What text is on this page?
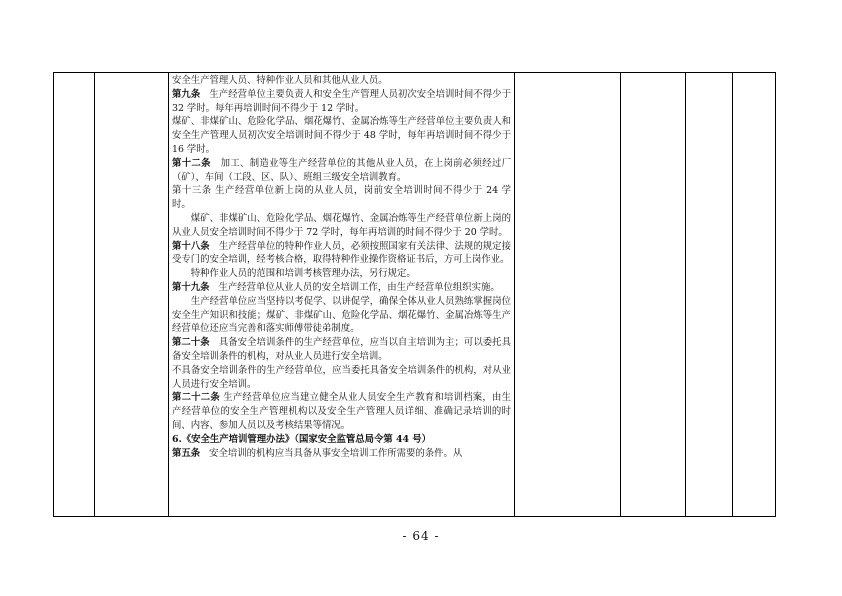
安全生产管理人员、特种作业人员和其他从业人员。

第九条 生产经营单位主要负责人和安全生产管理人员初次安全培训时间不得少于 32 学时。每年再培训时间不得少于 12 学时。

煤矿、非煤矿山、危险化学品、烟花爆竹、金属冶炼等生产经营单位主要负责人和安全生产管理人员初次安全培训时间不得少于 48 学时，每年再培训时间不得少于 16 学时。

第十二条 加工、制造业等生产经营单位的其他从业人员，在上岗前必须经过厂（矿）、车间（工段、区、队）、班组三级安全培训教育。

第十三条 生产经营单位新上岗的从业人员，岗前安全培训时间不得少于 24 学时。

煤矿、非煤矿山、危险化学品、烟花爆竹、金属冶炼等生产经营单位新上岗的从业人员安全培训时间不得少于 72 学时，每年再培训的时间不得少于 20 学时。

第十八条 生产经营单位的特种作业人员，必须按照国家有关法律、法规的规定接受专门的安全培训，经考核合格，取得特种作业操作资格证书后，方可上岗作业。

特种作业人员的范围和培训考核管理办法，另行规定。

第十九条 生产经营单位从业人员的安全培训工作，由生产经营单位组织实施。

生产经营单位应当坚持以考促学、以讲促学，确保全体从业人员熟练掌握岗位安全生产知识和技能；煤矿、非煤矿山、危险化学品、烟花爆竹、金属冶炼等生产经营单位还应当完善和落实师傅带徒弟制度。

第二十条 具备安全培训条件的生产经营单位，应当以自主培训为主；可以委托具备安全培训条件的机构，对从业人员进行安全培训。

不具备安全培训条件的生产经营单位，应当委托具备安全培训条件的机构，对从业人员进行安全培训。

第二十二条 生产经营单位应当建立健全从业人员安全生产教育和培训档案，由生产经营单位的安全生产管理机构以及安全生产管理人员详细、准确记录培训的时间、内容、参加人员以及考核结果等情况。

6.《安全生产培训管理办法》（国家安全监管总局令第 44 号）

第五条 安全培训的机构应当具备从事安全培训工作所需要的条件。从

- 64 -
